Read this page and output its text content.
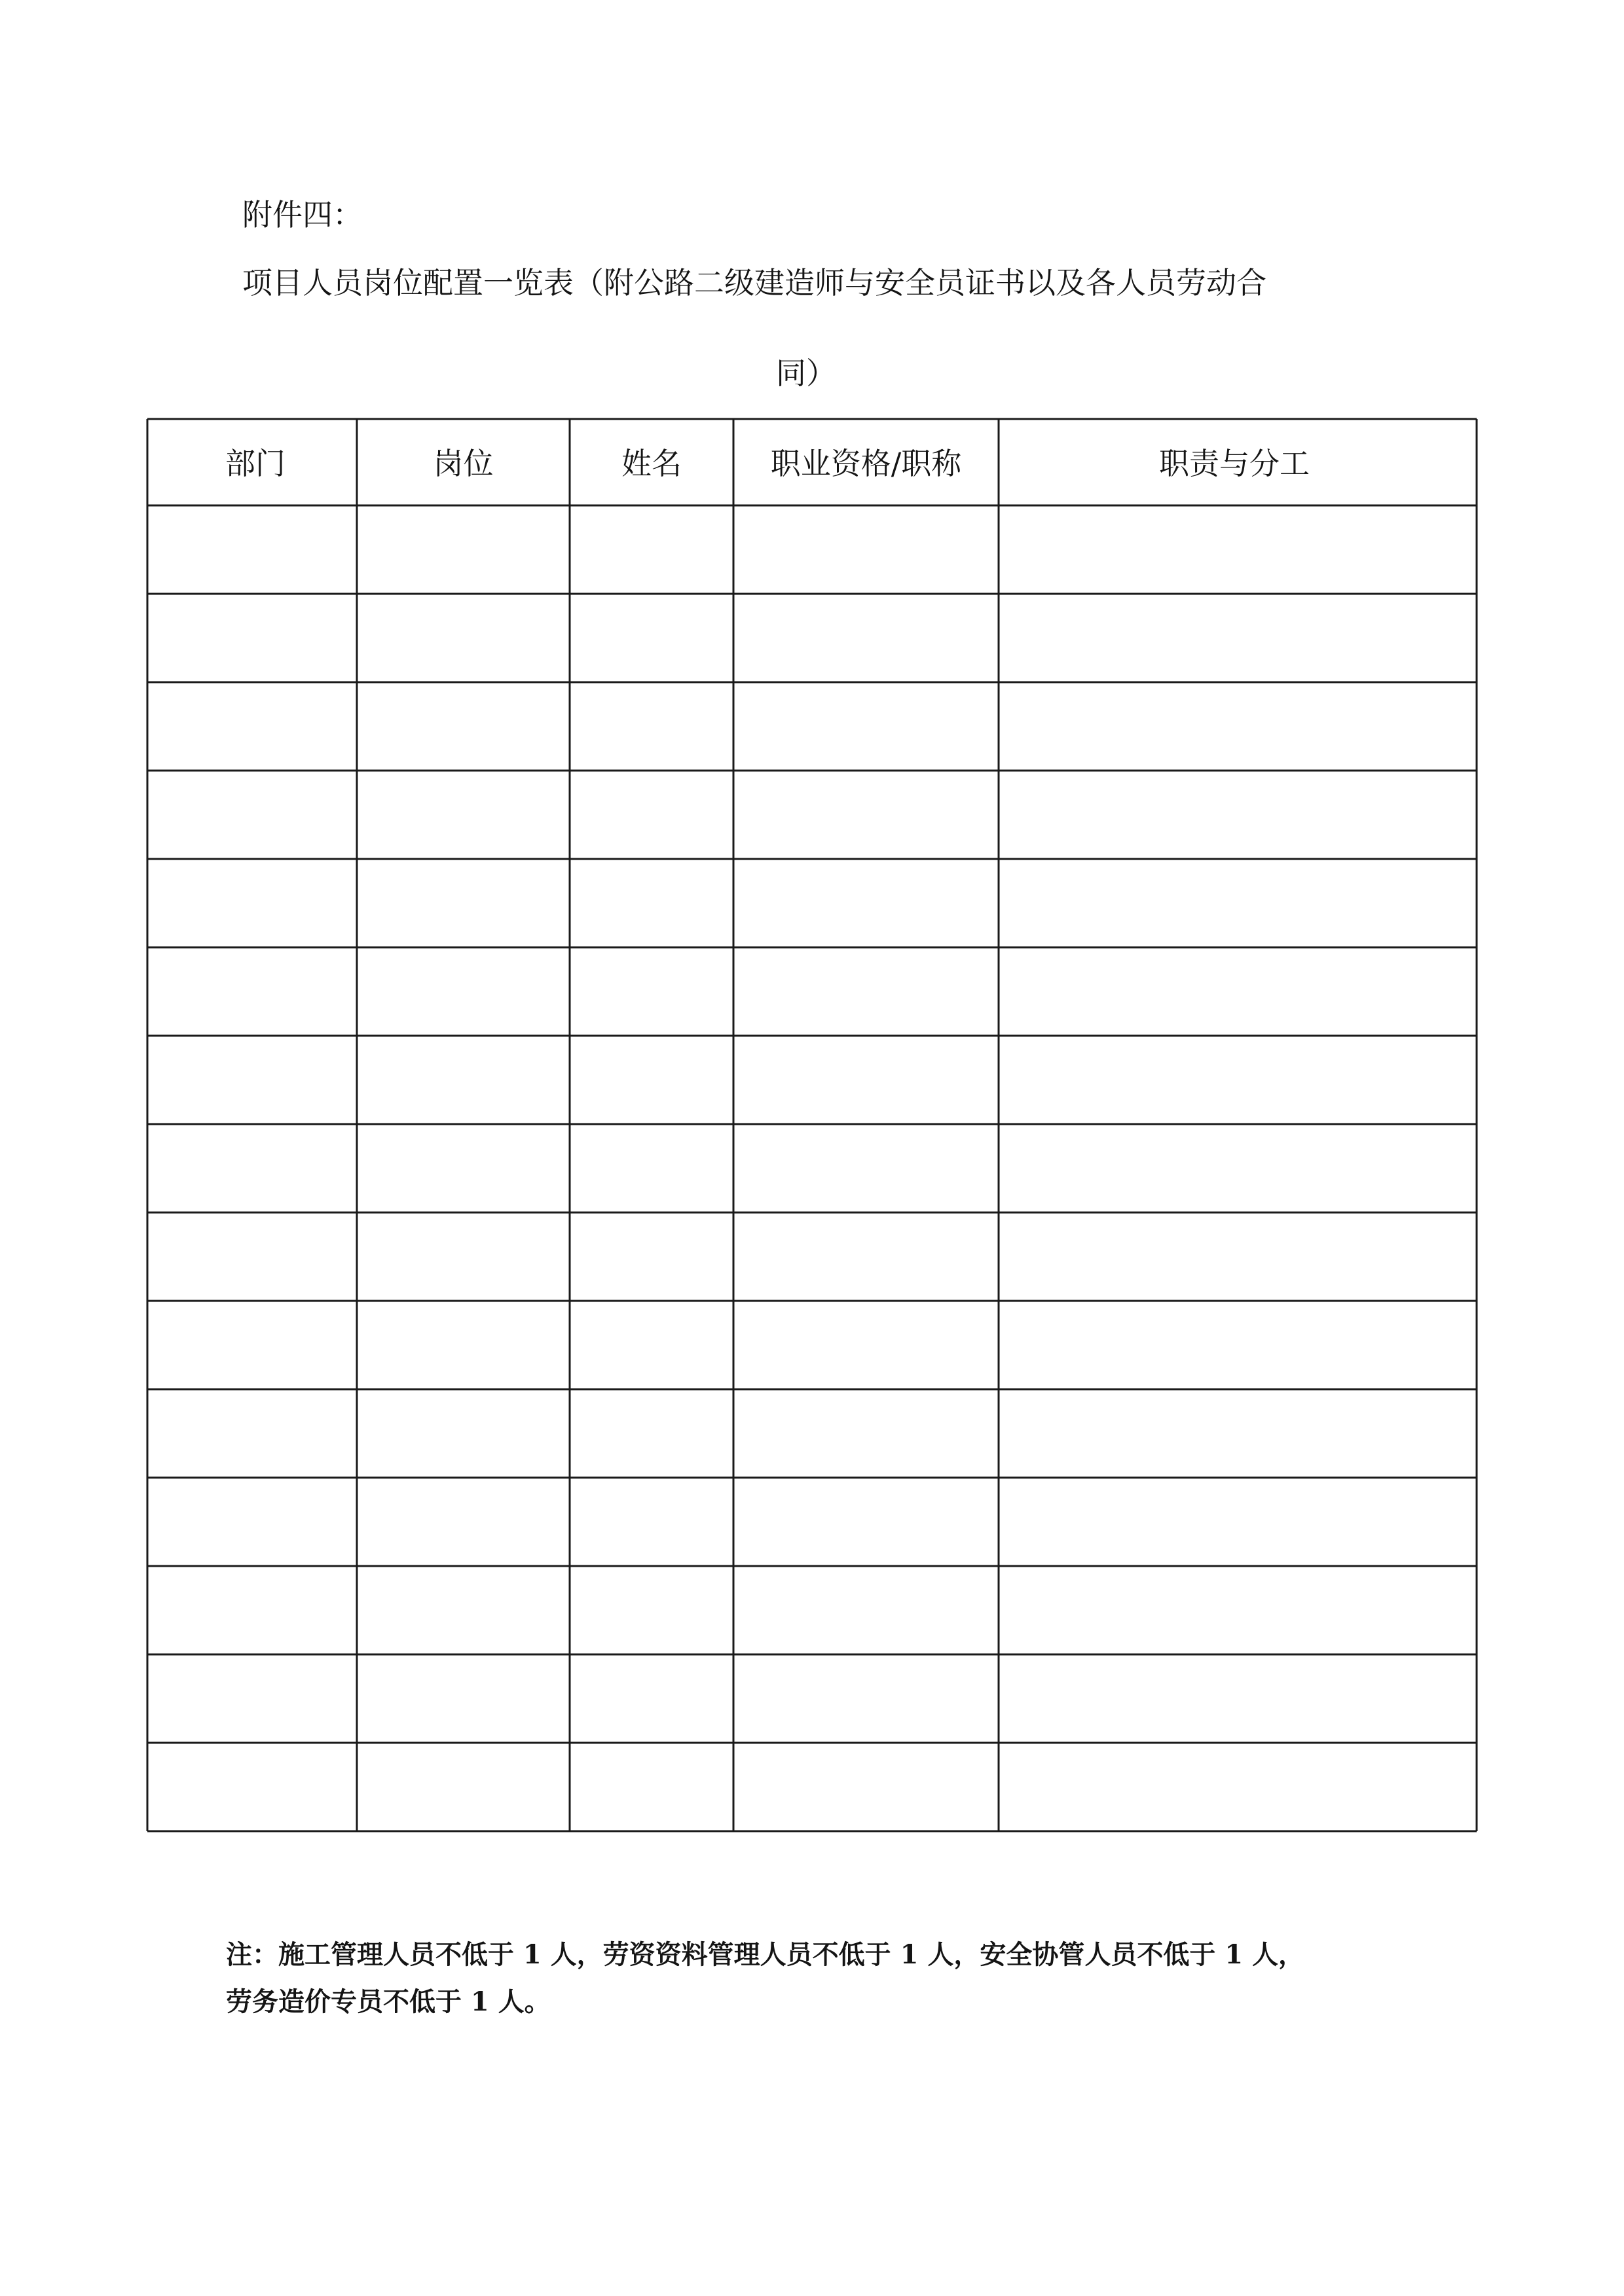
附件四：
项目人员岗位配置一览表（附公路二级建造师与安全员证书以及各人员劳动合
同）
部门	岗位	姓名	职业资格/职称	职责与分工

注：施工管理人员不低于 1 人，劳资资料管理人员不低于 1 人，安全协管人员不低于 1 人，

劳务造价专员不低于 1 人。
